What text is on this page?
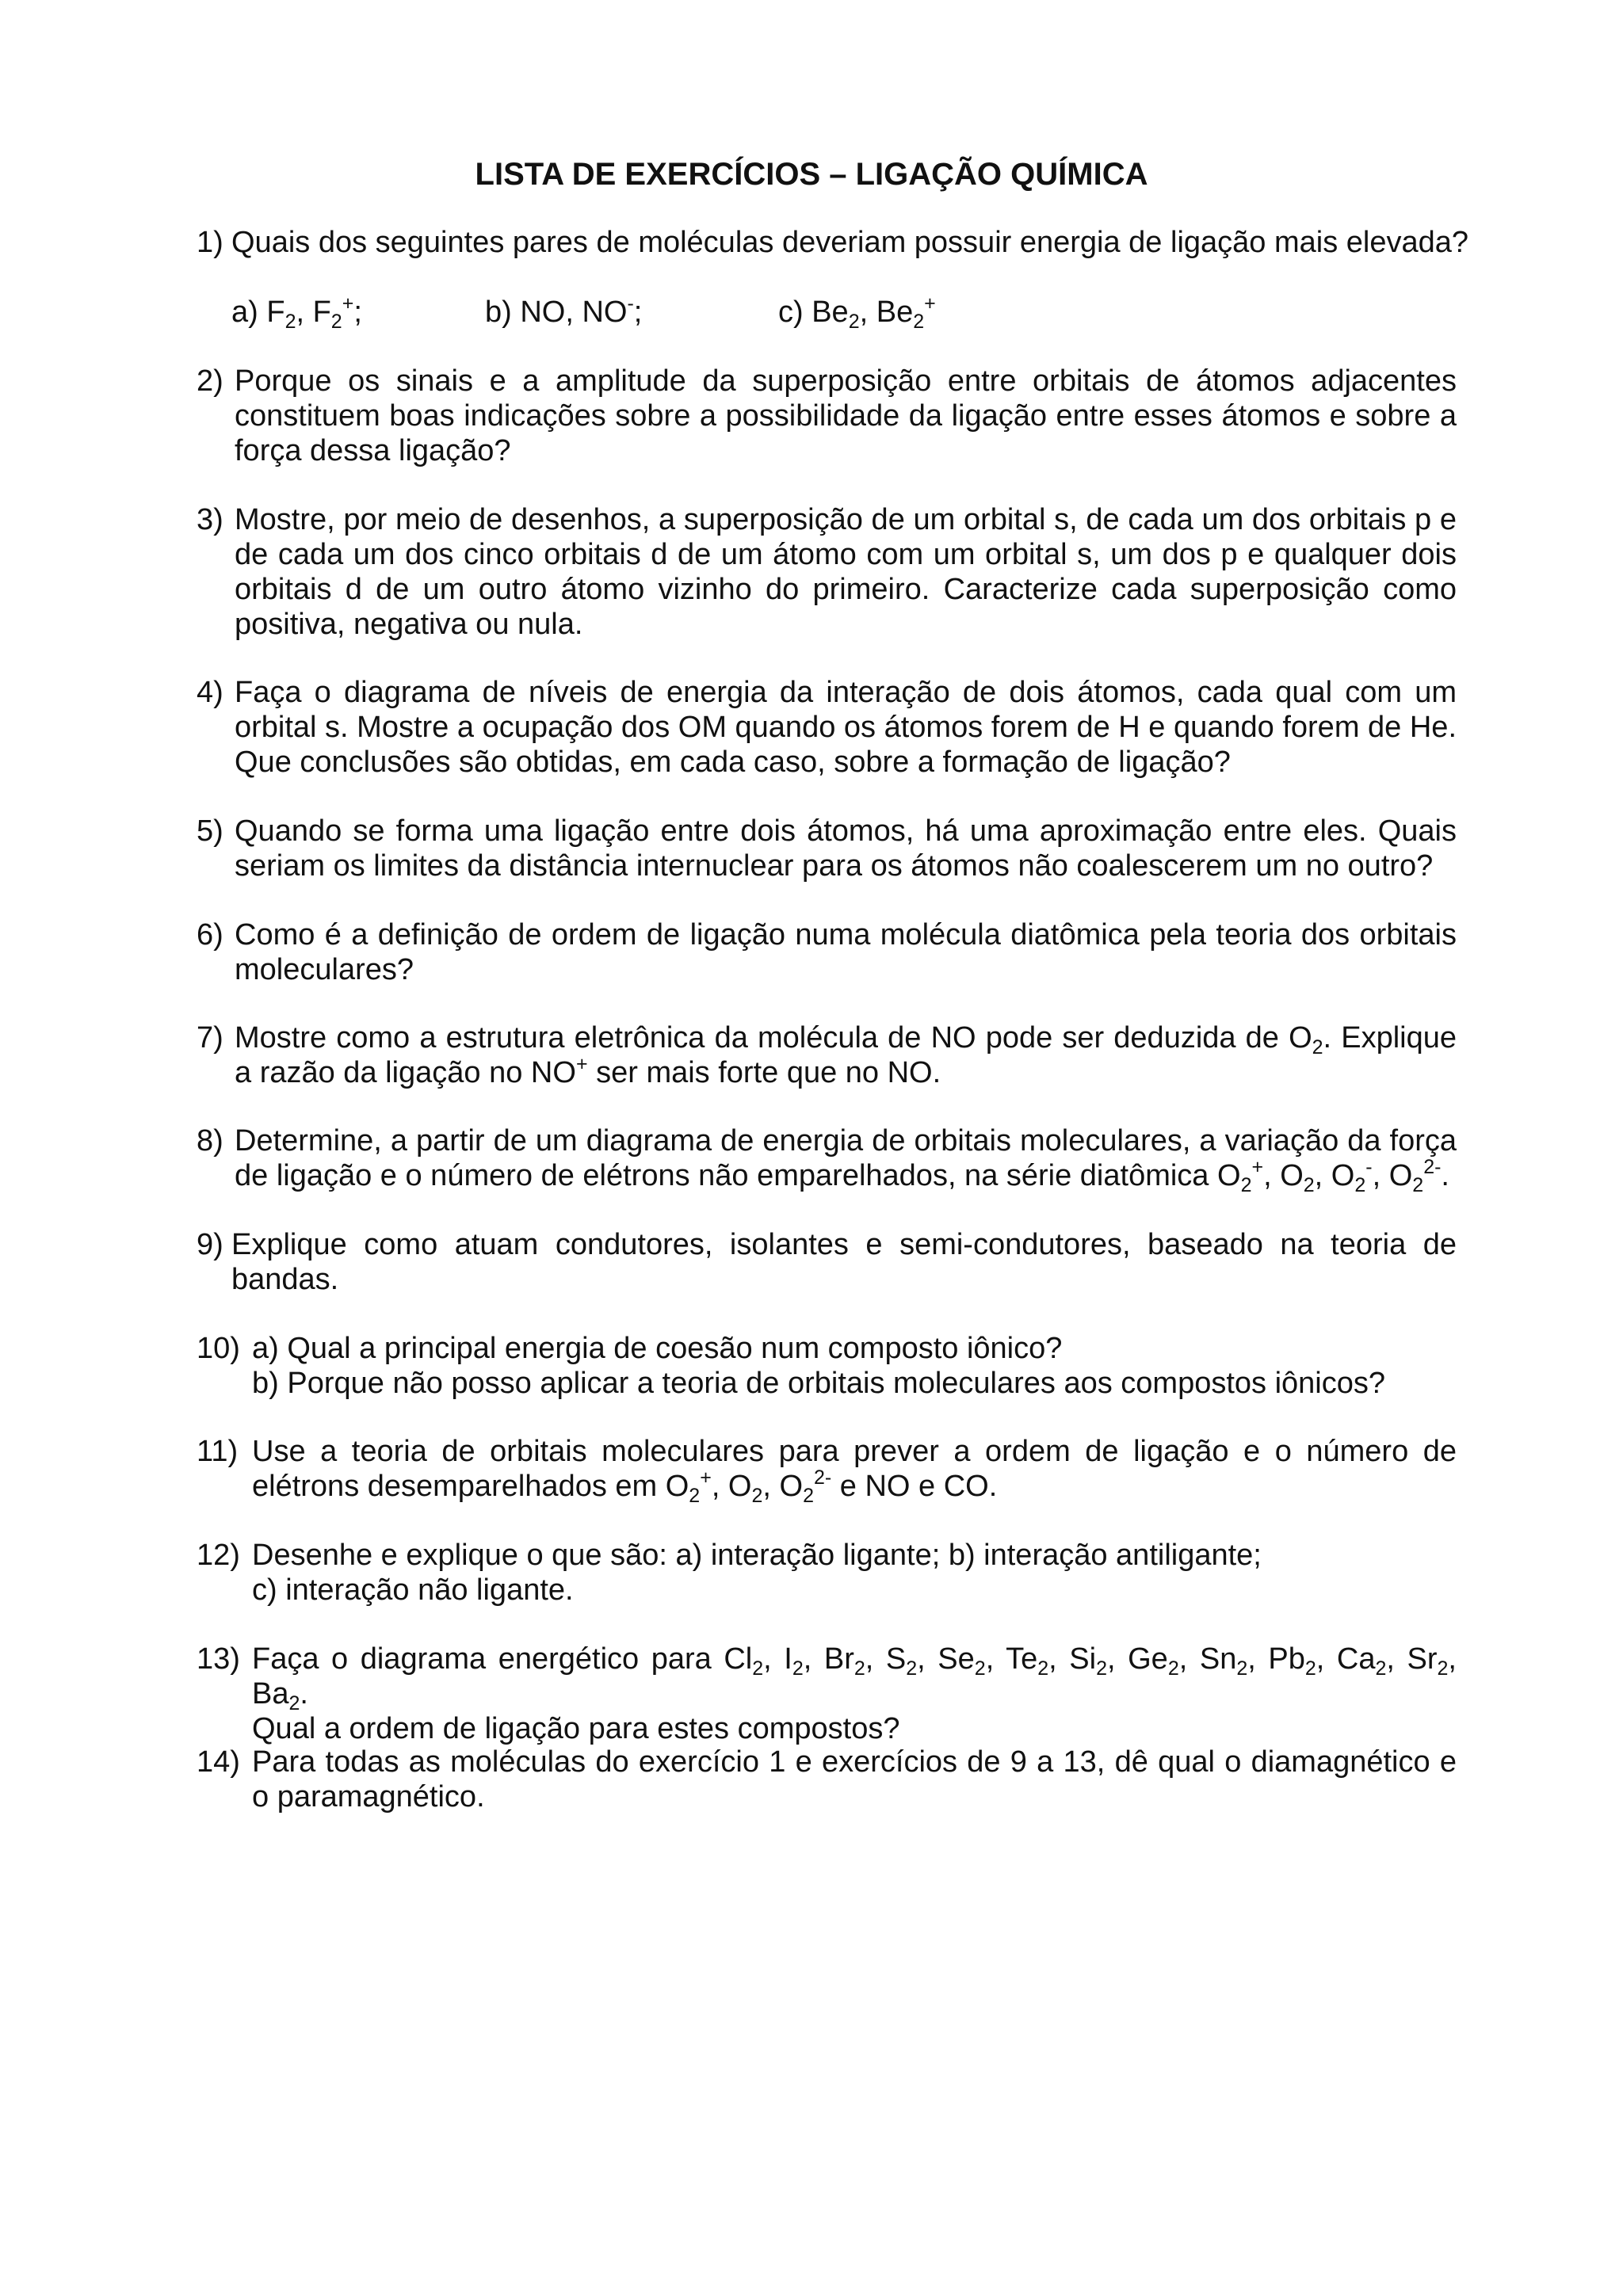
LISTA DE EXERCÍCIOS – LIGAÇÃO QUÍMICA
1) Quais dos seguintes pares de moléculas deveriam possuir energia de ligação mais elevada?
a) $F_2$, $F_2^+$;	b) NO, NO-;	c) $Be_2$, $Be_2^+$
2) Porque os sinais e a amplitude da superposição entre orbitais de átomos adjacentes constituem boas indicações sobre a possibilidade da ligação entre esses átomos e sobre a força dessa ligação?
3) Mostre, por meio de desenhos, a superposição de um orbital s, de cada um dos orbitais p e de cada um dos cinco orbitais d de um átomo com um orbital s, um dos p e qualquer dois orbitais d de um outro átomo vizinho do primeiro. Caracterize cada superposição como positiva, negativa ou nula.
4) Faça o diagrama de níveis de energia da interação de dois átomos, cada qual com um orbital s. Mostre a ocupação dos OM quando os átomos forem de H e quando forem de He. Que conclusões são obtidas, em cada caso, sobre a formação de ligação?
5) Quando se forma uma ligação entre dois átomos, há uma aproximação entre eles. Quais seriam os limites da distância internuclear para os átomos não coalescerem um no outro?
6) Como é a definição de ordem de ligação numa molécula diatômica pela teoria dos orbitais moleculares?
7) Mostre como a estrutura eletrônica da molécula de NO pode ser deduzida de $O_2$. Explique a razão da ligação no NO+ ser mais forte que no NO.
8) Determine, a partir de um diagrama de energia de orbitais moleculares, a variação da força de ligação e o número de elétrons não emparelhados, na série diatômica $O_2^+$, $O_2$, $O_2^-$, $O_2^{2-}$.
9) Explique como atuam condutores, isolantes e semi-condutores, baseado na teoria de bandas.
10) a) Qual a principal energia de coesão num composto iônico?
b) Porque não posso aplicar a teoria de orbitais moleculares aos compostos iônicos?
11) Use a teoria de orbitais moleculares para prever a ordem de ligação e o número de elétrons desemparelhados em $O_2^+$, $O_2$, $O_2^{2-}$ e NO e CO.
12) Desenhe e explique o que são: a) interação ligante; b) interação antiligante;
c) interação não ligante.
13) Faça o diagrama energético para $Cl_2$, $I_2$, $Br_2$, $S_2$, $Se_2$, $Te_2$, $Si_2$, $Ge_2$, $Sn_2$, $Pb_2$, $Ca_2$, $Sr_2$, $Ba_2$.
Qual a ordem de ligação para estes compostos?
14) Para todas as moléculas do exercício 1 e exercícios de 9 a 13, dê qual o diamagnético e o paramagnético.
